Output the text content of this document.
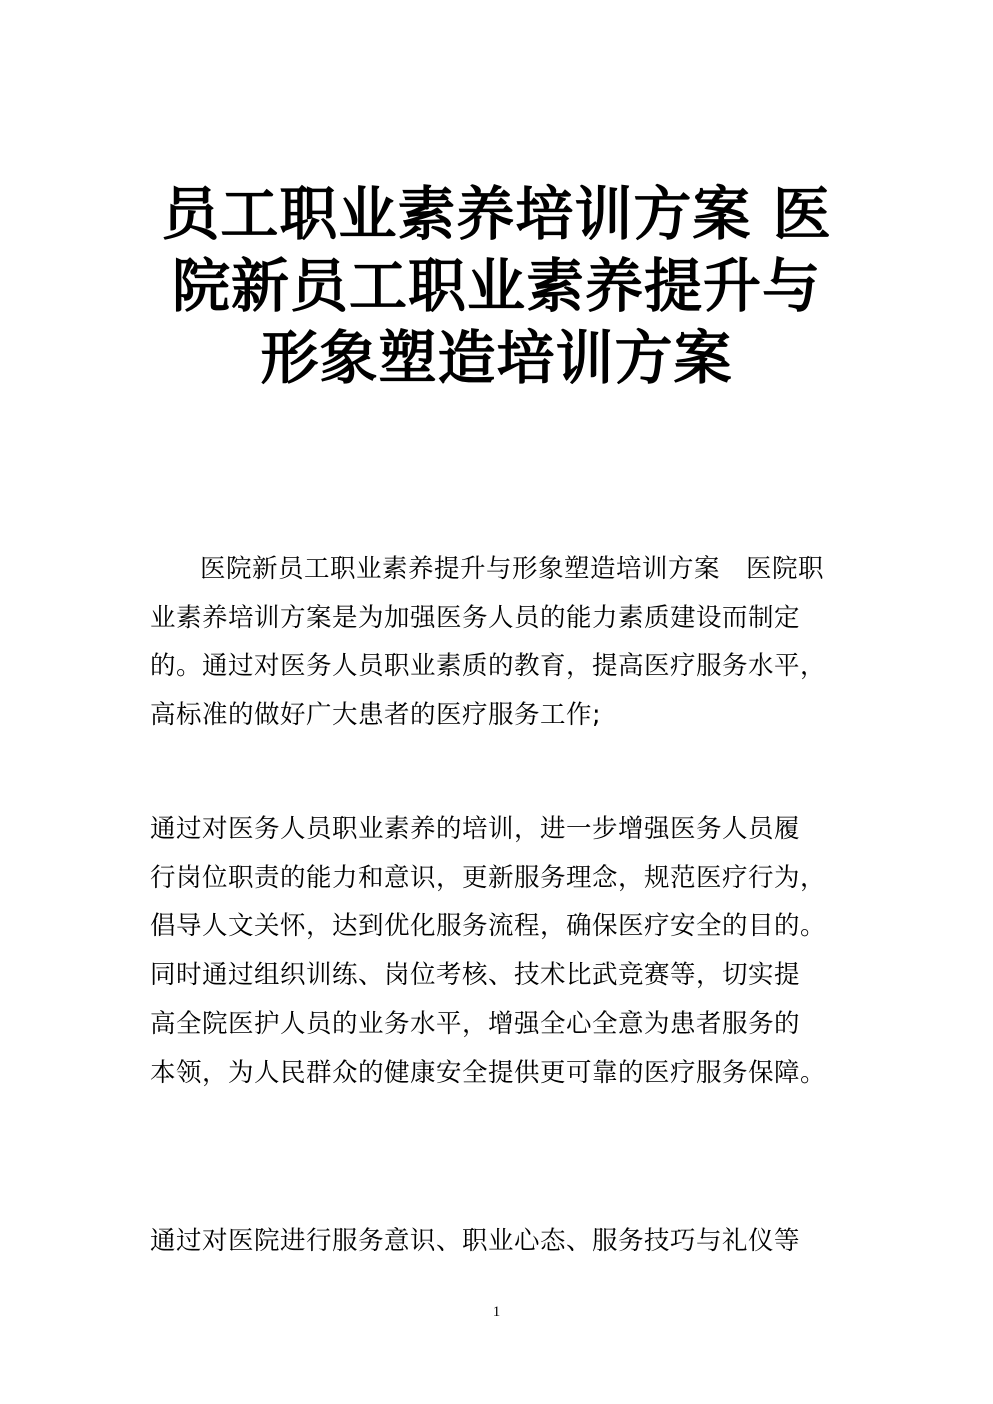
员工职业素养培训方案 医
院新员工职业素养提升与
形象塑造培训方案
医院新员工职业素养提升与形象塑造培训方案　医院职
业素养培训方案是为加强医务人员的能力素质建设而制定
的。通过对医务人员职业素质的教育，提高医疗服务水平，
高标准的做好广大患者的医疗服务工作;
通过对医务人员职业素养的培训，进一步增强医务人员履
行岗位职责的能力和意识，更新服务理念，规范医疗行为，
倡导人文关怀，达到优化服务流程，确保医疗安全的目的。
同时通过组织训练、岗位考核、技术比武竞赛等，切实提
高全院医护人员的业务水平，增强全心全意为患者服务的
本领，为人民群众的健康安全提供更可靠的医疗服务保障。
通过对医院进行服务意识、职业心态、服务技巧与礼仪等
1
